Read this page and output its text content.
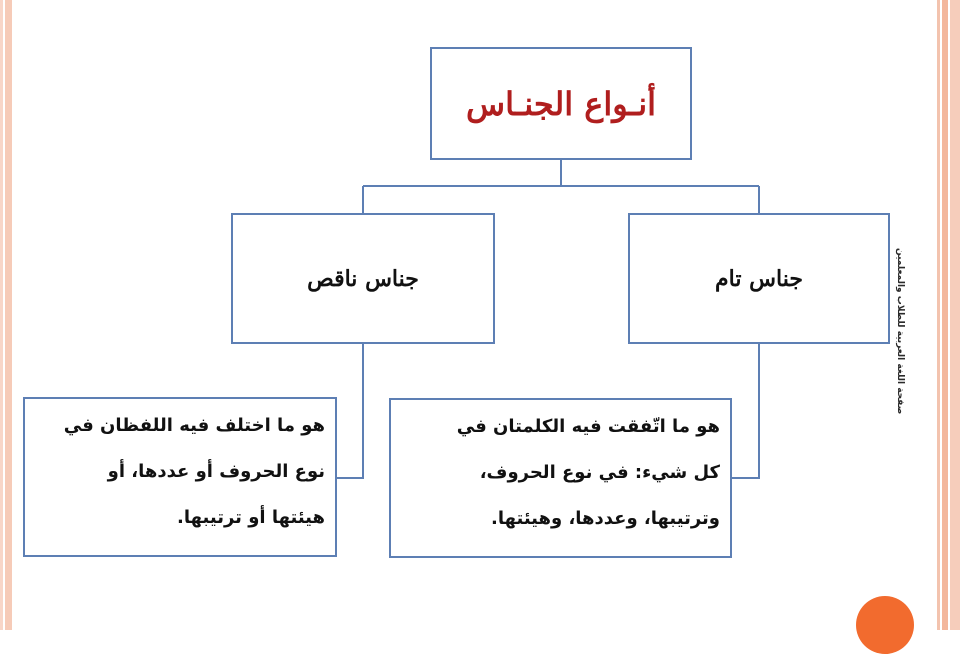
أنـواع الجنـاس
جناس تام
جناس ناقص
هو ما اتّفقت فيه الكلمتان في
كل شيء: في نوع الحروف،
وترتيبها، وعددها، وهيئتها.
هو ما اختلف فيه اللفظان في
نوع الحروف أو عددها، أو
هيئتها أو ترتيبها.
صفحة اللغة العربية للطلاب والمعلمين
